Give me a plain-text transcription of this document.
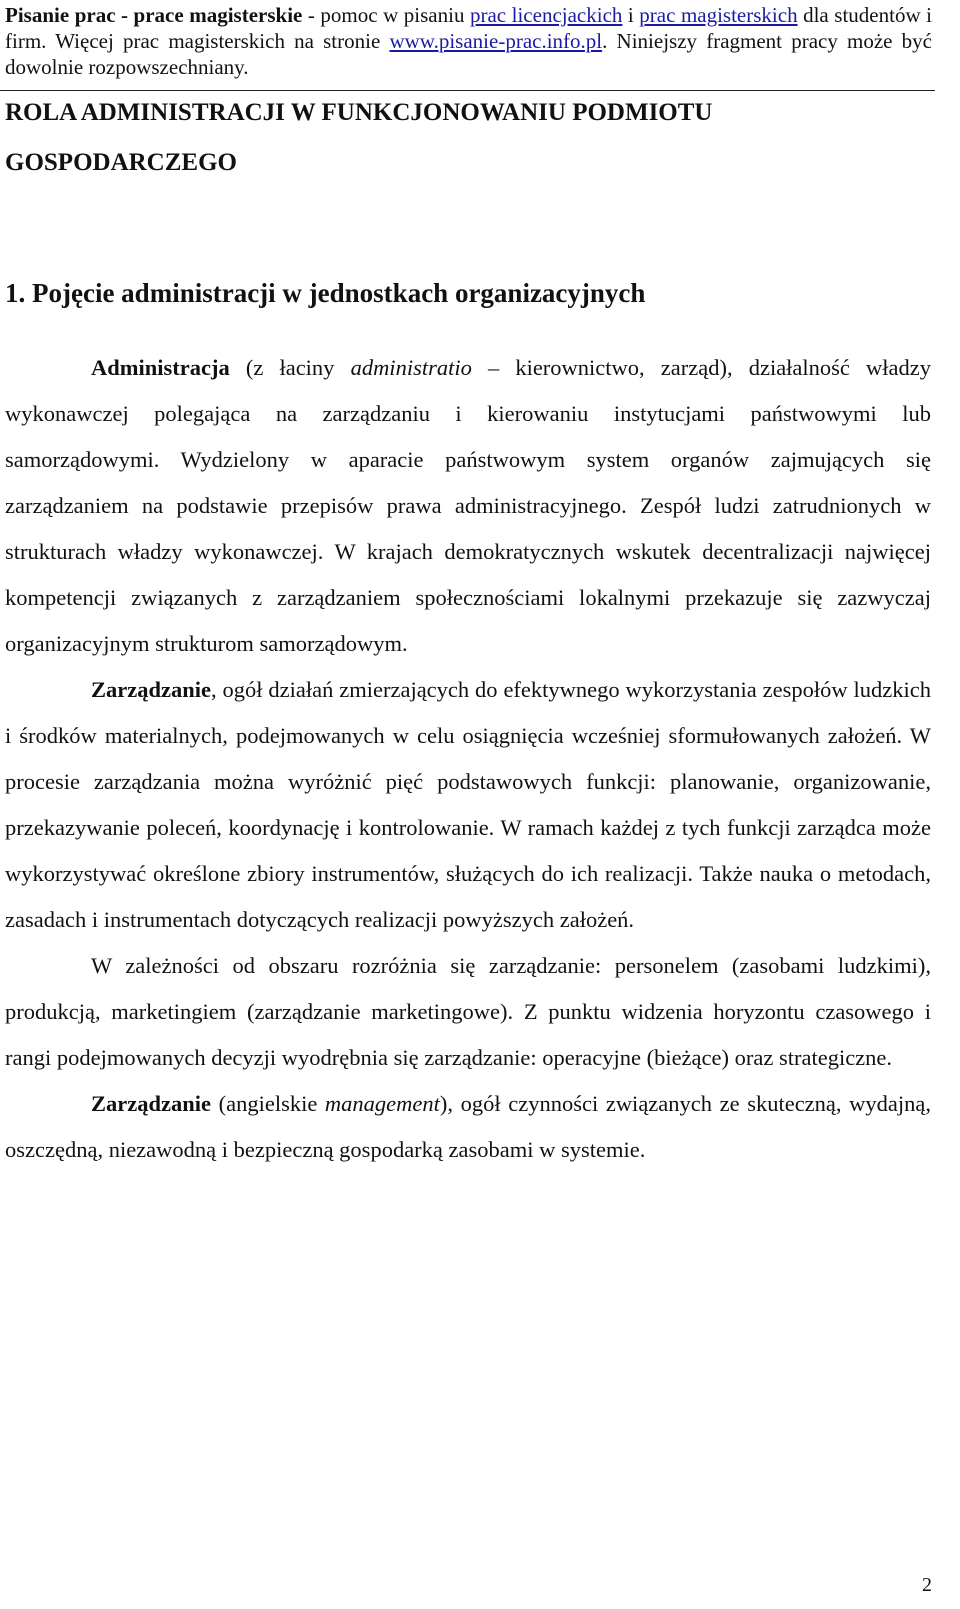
Pisanie prac - prace magisterskie - pomoc w pisaniu prac licencjackich i prac magisterskich dla studentów i firm. Więcej prac magisterskich na stronie www.pisanie-prac.info.pl. Niniejszy fragment pracy może być dowolnie rozpowszechniany.
ROLA ADMINISTRACJI W FUNKCJONOWANIU PODMIOTU GOSPODARCZEGO
1. Pojęcie administracji w jednostkach organizacyjnych

Administracja (z łaciny administratio – kierownictwo, zarząd), działalność władzy wykonawczej polegająca na zarządzaniu i kierowaniu instytucjami państwowymi lub samorządowymi. Wydzielony w aparacie państwowym system organów zajmujących się zarządzaniem na podstawie przepisów prawa administracyjnego. Zespół ludzi zatrudnionych w strukturach władzy wykonawczej. W krajach demokratycznych wskutek decentralizacji najwięcej kompetencji związanych z zarządzaniem społecznościami lokalnymi przekazuje się zazwyczaj organizacyjnym strukturom samorządowym.

Zarządzanie, ogół działań zmierzających do efektywnego wykorzystania zespołów ludzkich i środków materialnych, podejmowanych w celu osiągnięcia wcześniej sformułowanych założeń. W procesie zarządzania można wyróżnić pięć podstawowych funkcji: planowanie, organizowanie, przekazywanie poleceń, koordynację i kontrolowanie. W ramach każdej z tych funkcji zarządca może wykorzystywać określone zbiory instrumentów, służących do ich realizacji. Także nauka o metodach, zasadach i instrumentach dotyczących realizacji powyższych założeń.

W zależności od obszaru rozróżnia się zarządzanie: personelem (zasobami ludzkimi), produkcją, marketingiem (zarządzanie marketingowe). Z punktu widzenia horyzontu czasowego i rangi podejmowanych decyzji wyodrębnia się zarządzanie: operacyjne (bieżące) oraz strategiczne.

Zarządzanie (angielskie management), ogół czynności związanych ze skuteczną, wydajną, oszczędną, niezawodną i bezpieczną gospodarką zasobami w systemie.

2
